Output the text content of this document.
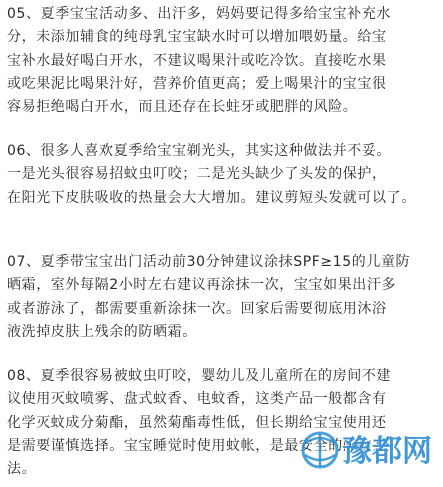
05、夏季宝宝活动多、出汗多，妈妈要记得多给宝宝补充水
分，未添加辅食的纯母乳宝宝缺水时可以增加喂奶量。给宝
宝补水最好喝白开水，不建议喝果汁或吃冷饮。直接吃水果
或吃果泥比喝果汁好，营养价值更高；爱上喝果汁的宝宝很
容易拒绝喝白开水，而且还存在长蛀牙或肥胖的风险。

06、很多人喜欢夏季给宝宝剃光头，其实这种做法并不妥。
一是光头很容易招蚊虫叮咬；二是光头缺少了头发的保护，
在阳光下皮肤吸收的热量会大大增加。建议剪短头发就可以了。

07、夏季带宝宝出门活动前30分钟建议涂抹SPF≥15的儿童防
晒霜，室外每隔2小时左右建议再涂抹一次，宝宝如果出汗多
或者游泳了，都需要重新涂抹一次。回家后需要彻底用沐浴
液洗掉皮肤上残余的防晒霜。

08、夏季很容易被蚊虫叮咬，婴幼儿及儿童所在的房间不建
议使用灭蚊喷雾、盘式蚊香、电蚊香，这类产品一般都含有
化学灭蚊成分菊酯，虽然菊酯毒性低，但长期给宝宝使用还
是需要谨慎选择。宝宝睡觉时使用蚊帐，是最安全的防蚊方
法。

豫都网
